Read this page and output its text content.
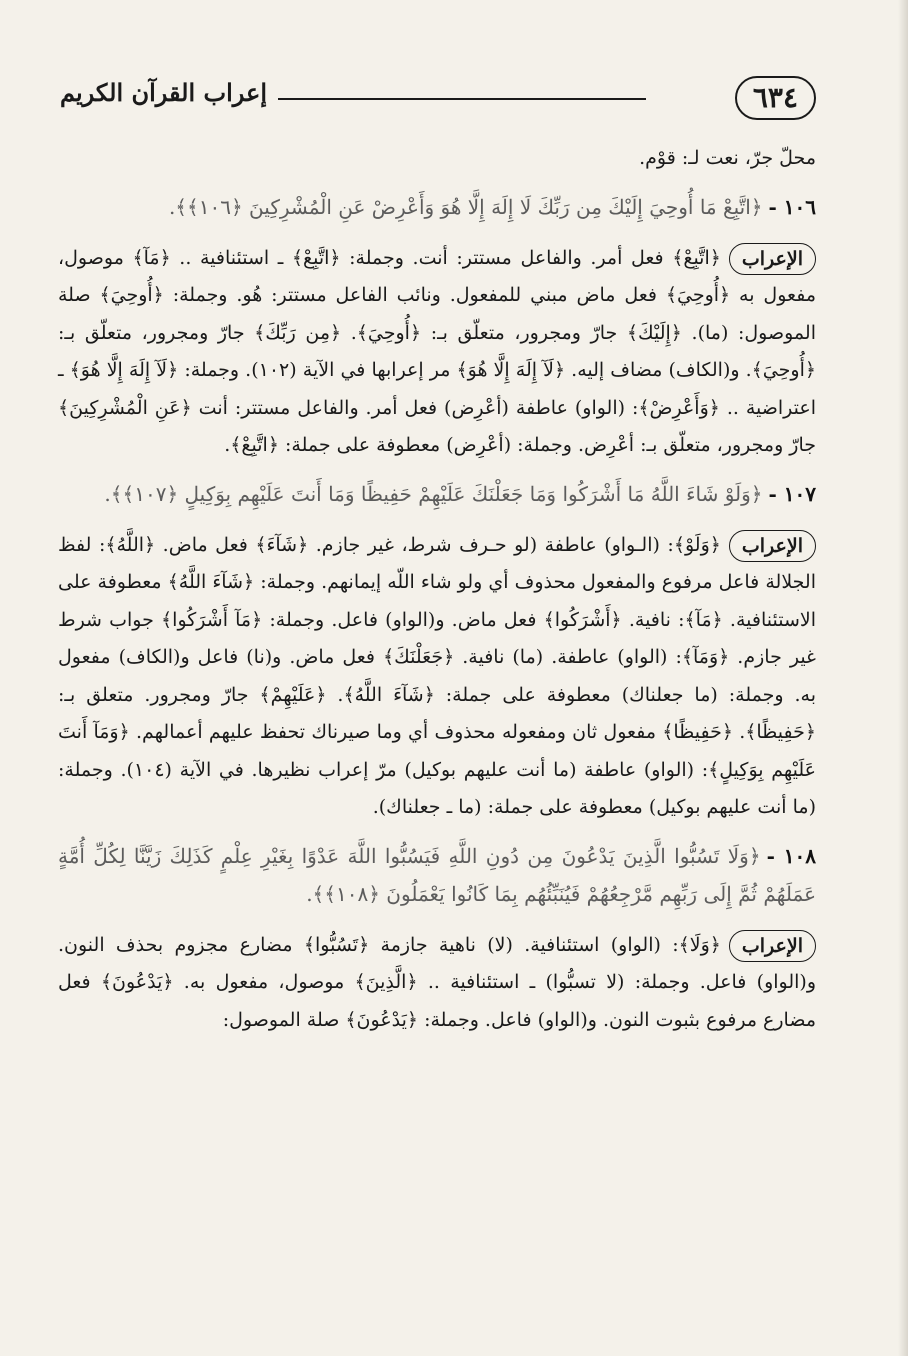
٦٣٤
إعراب القرآن الكريم

محلّ جرّ، نعت لـ: قوْم.

١٠٦ -﴿اتَّبِعْ مَا أُوحِيَ إِلَيْكَ مِن رَبِّكَ لَا إِلَهَ إِلَّا هُوَ وَأَعْرِضْ عَنِ الْمُشْرِكِينَ ﴿١٠٦﴾﴾.

الإعراب﴿اتَّبِعْ﴾ فعل أمر. والفاعل مستتر: أنت. وجملة: ﴿اتَّبِعْ﴾ ـ استئنافية .. ﴿مَآ﴾ موصول، مفعول به ﴿أُوحِيَ﴾ فعل ماض مبني للمفعول. ونائب الفاعل مستتر: هُو. وجملة: ﴿أُوحِيَ﴾ صلة الموصول: (ما). ﴿إِلَيْكَ﴾ جارّ ومجرور، متعلّق بـ: ﴿أُوحِيَ﴾. ﴿مِن رَبِّكَ﴾ جارّ ومجرور، متعلّق بـ: ﴿أُوحِيَ﴾. و(الكاف) مضاف إليه. ﴿لَآ إِلَهَ إِلَّا هُوَ﴾ مر إعرابها في الآية (١٠٢). وجملة: ﴿لَآ إِلَهَ إِلَّا هُوَ﴾ ـ اعتراضية .. ﴿وَأَعْرِضْ﴾: (الواو) عاطفة (أعْرِض) فعل أمر. والفاعل مستتر: أنت ﴿عَنِ الْمُشْرِكِينَ﴾ جارّ ومجرور، متعلّق بـ: أعْرِض. وجملة: (أعْرِض) معطوفة على جملة: ﴿اتَّبِعْ﴾.

١٠٧ -﴿وَلَوْ شَاءَ اللَّهُ مَا أَشْرَكُوا وَمَا جَعَلْنَكَ عَلَيْهِمْ حَفِيظًا وَمَا أَنتَ عَلَيْهِم بِوَكِيلٍ ﴿١٠٧﴾﴾.

الإعراب﴿وَلَوْ﴾: (الـواو) عاطفة (لو حـرف شرط، غير جازم. ﴿شَآءَ﴾ فعل ماض. ﴿اللَّهُ﴾: لفظ الجلالة فاعل مرفوع والمفعول محذوف أي ولو شاء اللّه إيمانهم. وجملة: ﴿شَآءَ اللَّهُ﴾ معطوفة على الاستئنافية. ﴿مَآ﴾: نافية. ﴿أَشْرَكُوا﴾ فعل ماض. و(الواو) فاعل. وجملة: ﴿مَآ أَشْرَكُوا﴾ جواب شرط غير جازم. ﴿وَمَآ﴾: (الواو) عاطفة. (ما) نافية. ﴿جَعَلْنَكَ﴾ فعل ماض. و(نا) فاعل و(الكاف) مفعول به. وجملة: (ما جعلناك) معطوفة على جملة: ﴿شَآءَ اللَّهُ﴾. ﴿عَلَيْهِمْ﴾ جارّ ومجرور. متعلق بـ: ﴿حَفِيظًا﴾. ﴿حَفِيظًا﴾ مفعول ثان ومفعوله محذوف أي وما صيرناك تحفظ عليهم أعمالهم. ﴿وَمَآ أَنتَ عَلَيْهِم بِوَكِيلٍ﴾: (الواو) عاطفة (ما أنت عليهم بوكيل) مرّ إعراب نظيرها. في الآية (١٠٤). وجملة: (ما أنت عليهم بوكيل) معطوفة على جملة: (ما ـ جعلناك).

١٠٨ -﴿وَلَا تَسُبُّوا الَّذِينَ يَدْعُونَ مِن دُونِ اللَّهِ فَيَسُبُّوا اللَّهَ عَدْوًا بِغَيْرِ عِلْمٍ كَذَلِكَ زَيَّنَّا لِكُلِّ أُمَّةٍ عَمَلَهُمْ ثُمَّ إِلَى رَبِّهِم مَّرْجِعُهُمْ فَيُنَبِّئُهُم بِمَا كَانُوا يَعْمَلُونَ ﴿١٠٨﴾﴾.

الإعراب﴿وَلَا﴾: (الواو) استئنافية. (لا) ناهية جازمة ﴿تَسُبُّوا﴾ مضارع مجزوم بحذف النون. و(الواو) فاعل. وجملة: (لا تسبُّوا) ـ استئنافية .. ﴿الَّذِينَ﴾ موصول، مفعول به. ﴿يَدْعُونَ﴾ فعل مضارع مرفوع بثبوت النون. و(الواو) فاعل. وجملة: ﴿يَدْعُونَ﴾ صلة الموصول:
